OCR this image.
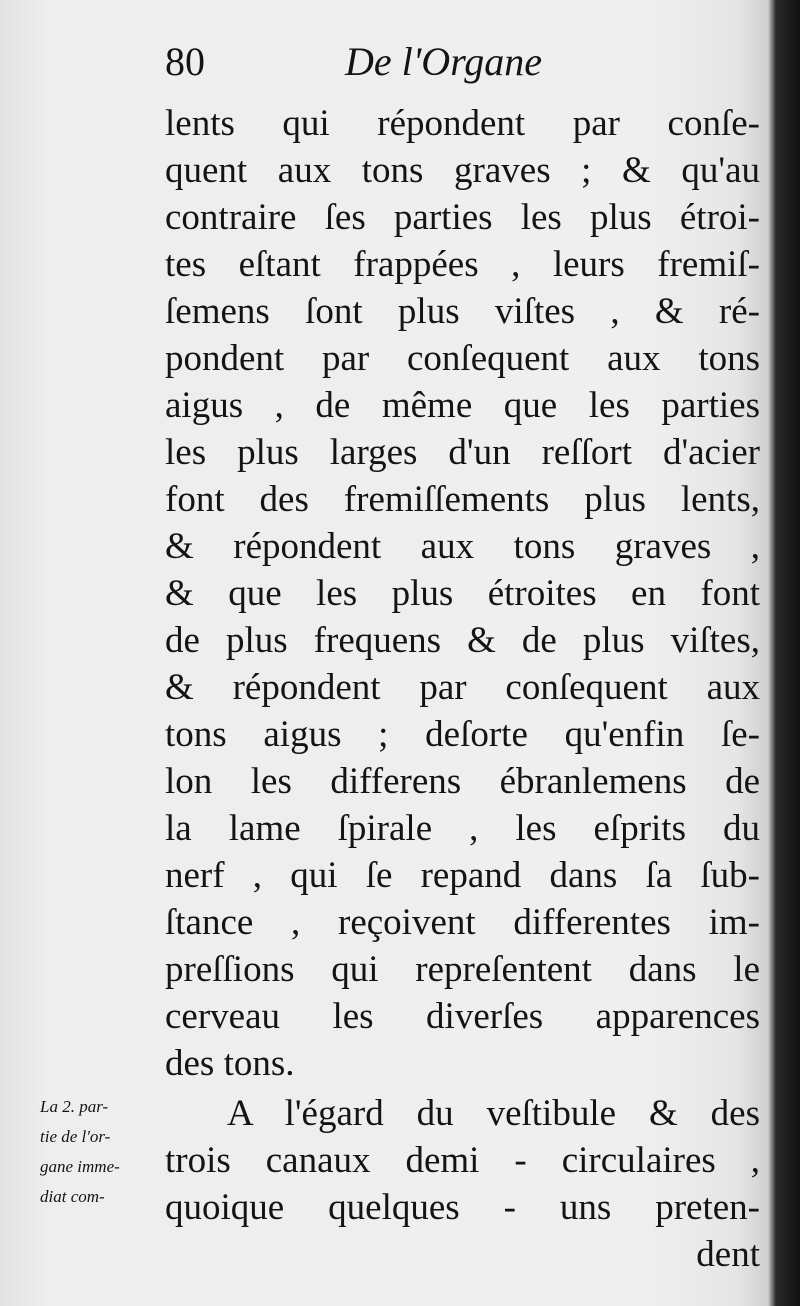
80	De l'Organe
lents qui répondent par conſe-
quent aux tons graves ; & qu'au
contraire ſes parties les plus étroi-
tes eſtant frappées , leurs fremiſ-
ſemens ſont plus viſtes , & ré-
pondent par conſequent aux tons
aigus , de même que les parties
les plus larges d'un reſſort d'acier
font des fremiſſements plus lents,
& répondent aux tons graves ,
& que les plus étroites en font
de plus frequens & de plus viſtes,
& répondent par conſequent aux
tons aigus ; deſorte qu'enfin ſe-
lon les differens ébranlemens de
la lame ſpirale , les eſprits du
nerf , qui ſe repand dans ſa ſub-
ſtance , reçoivent differentes im-
preſſions qui repreſentent dans le
cerveau les diverſes apparences
des tons.
A l'égard du veſtibule & des
trois canaux demi - circulaires ,
quoique quelques - uns preten-
dent
La 2. par-
tie de l'or-
gane imme-
diat com-
